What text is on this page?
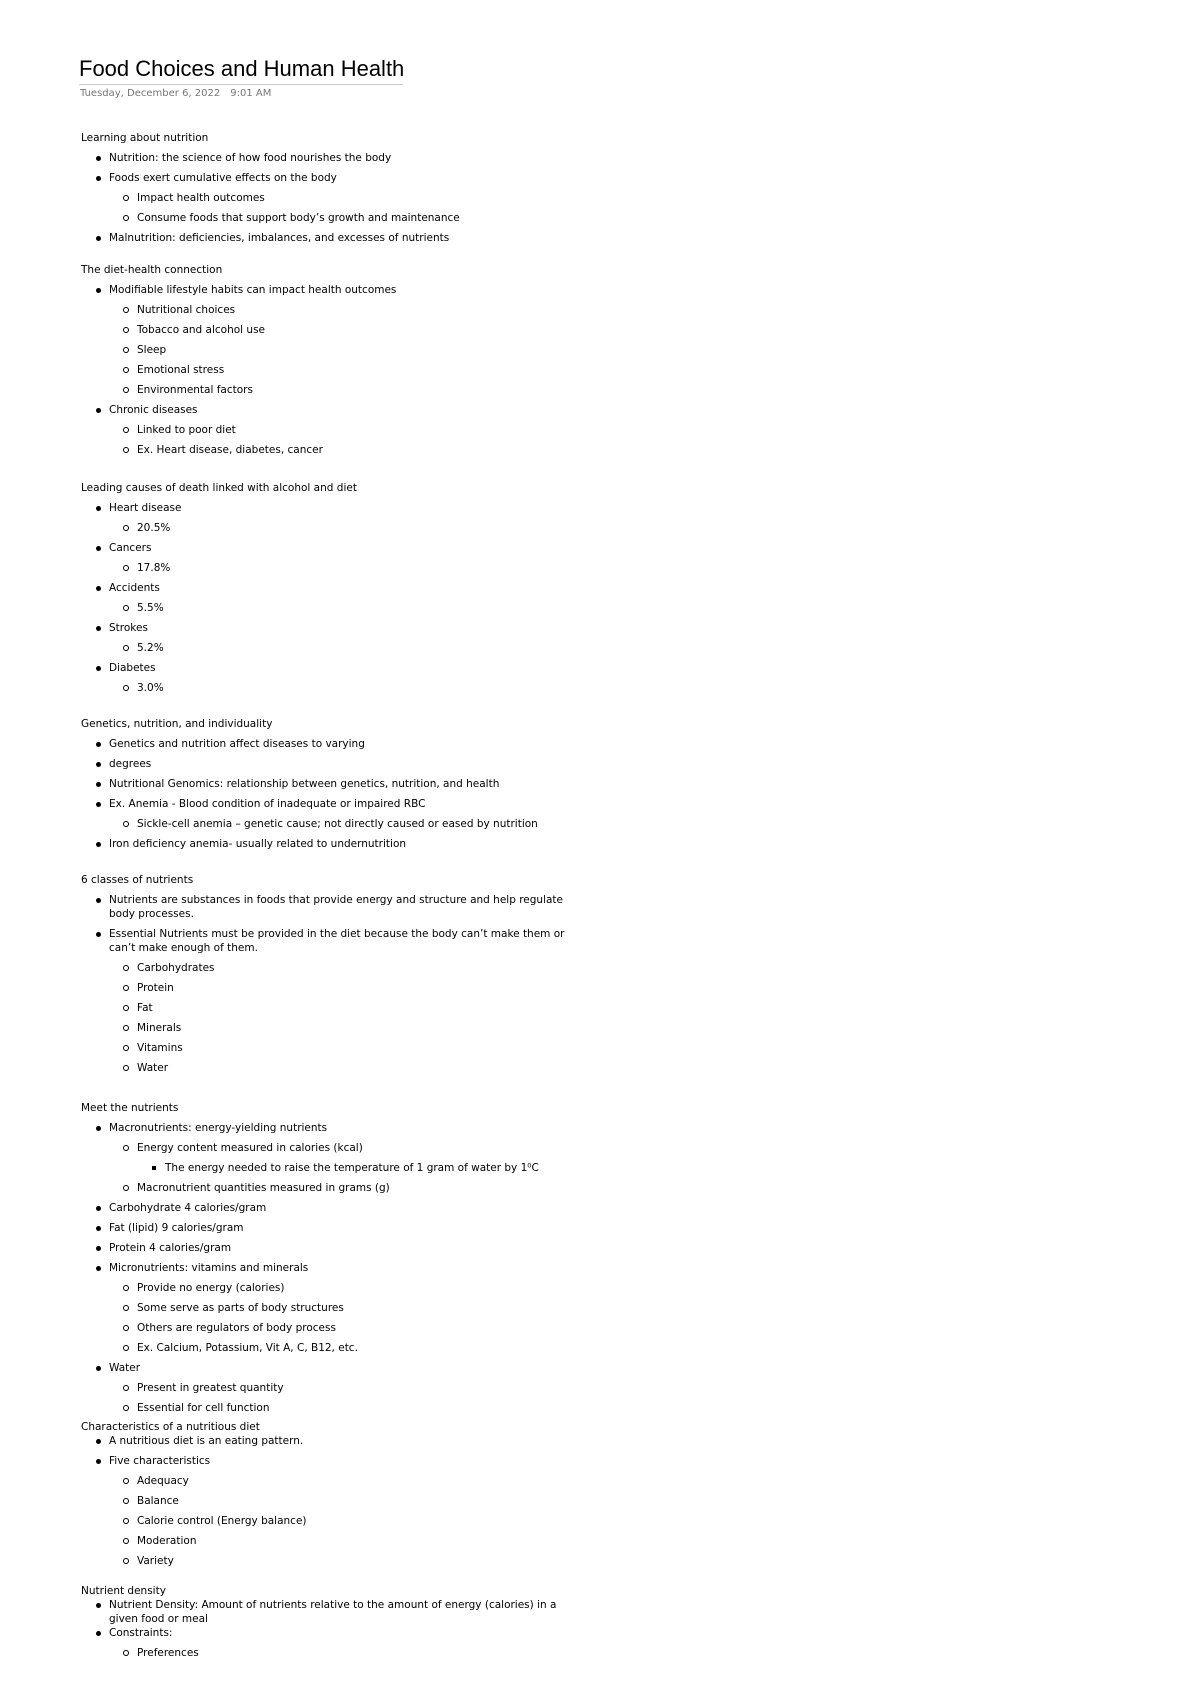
Food Choices and Human Health
Tuesday, December 6, 2022 9:01 AM
Learning about nutrition
Nutrition: the science of how food nourishes the body
Foods exert cumulative effects on the body
Impact health outcomes
Consume foods that support body’s growth and maintenance
Malnutrition: deficiencies, imbalances, and excesses of nutrients
The diet-health connection
Modifiable lifestyle habits can impact health outcomes
Nutritional choices
Tobacco and alcohol use
Sleep
Emotional stress
Environmental factors
Chronic diseases
Linked to poor diet
Ex. Heart disease, diabetes, cancer
Leading causes of death linked with alcohol and diet
Heart disease
20.5%
Cancers
17.8%
Accidents
5.5%
Strokes
5.2%
Diabetes
3.0%
Genetics, nutrition, and individuality
Genetics and nutrition affect diseases to varying
degrees
Nutritional Genomics: relationship between genetics, nutrition, and health
Ex. Anemia - Blood condition of inadequate or impaired RBC
Sickle-cell anemia – genetic cause; not directly caused or eased by nutrition
Iron deficiency anemia- usually related to undernutrition
6 classes of nutrients
Nutrients are substances in foods that provide energy and structure and help regulate body processes.
Essential Nutrients must be provided in the diet because the body can’t make them or can’t make enough of them.
Carbohydrates
Protein
Fat
Minerals
Vitamins
Water
Meet the nutrients
Macronutrients: energy-yielding nutrients
Energy content measured in calories (kcal)
The energy needed to raise the temperature of 1 gram of water by 1⁰C
Macronutrient quantities measured in grams (g)
Carbohydrate 4 calories/gram
Fat (lipid) 9 calories/gram
Protein 4 calories/gram
Micronutrients: vitamins and minerals
Provide no energy (calories)
Some serve as parts of body structures
Others are regulators of body process
Ex. Calcium, Potassium, Vit A, C, B12, etc.
Water
Present in greatest quantity
Essential for cell function
Characteristics of a nutritious diet
A nutritious diet is an eating pattern.
Five characteristics
Adequacy
Balance
Calorie control (Energy balance)
Moderation
Variety
Nutrient density
Nutrient Density: Amount of nutrients relative to the amount of energy (calories) in a given food or meal
Constraints:
Preferences
